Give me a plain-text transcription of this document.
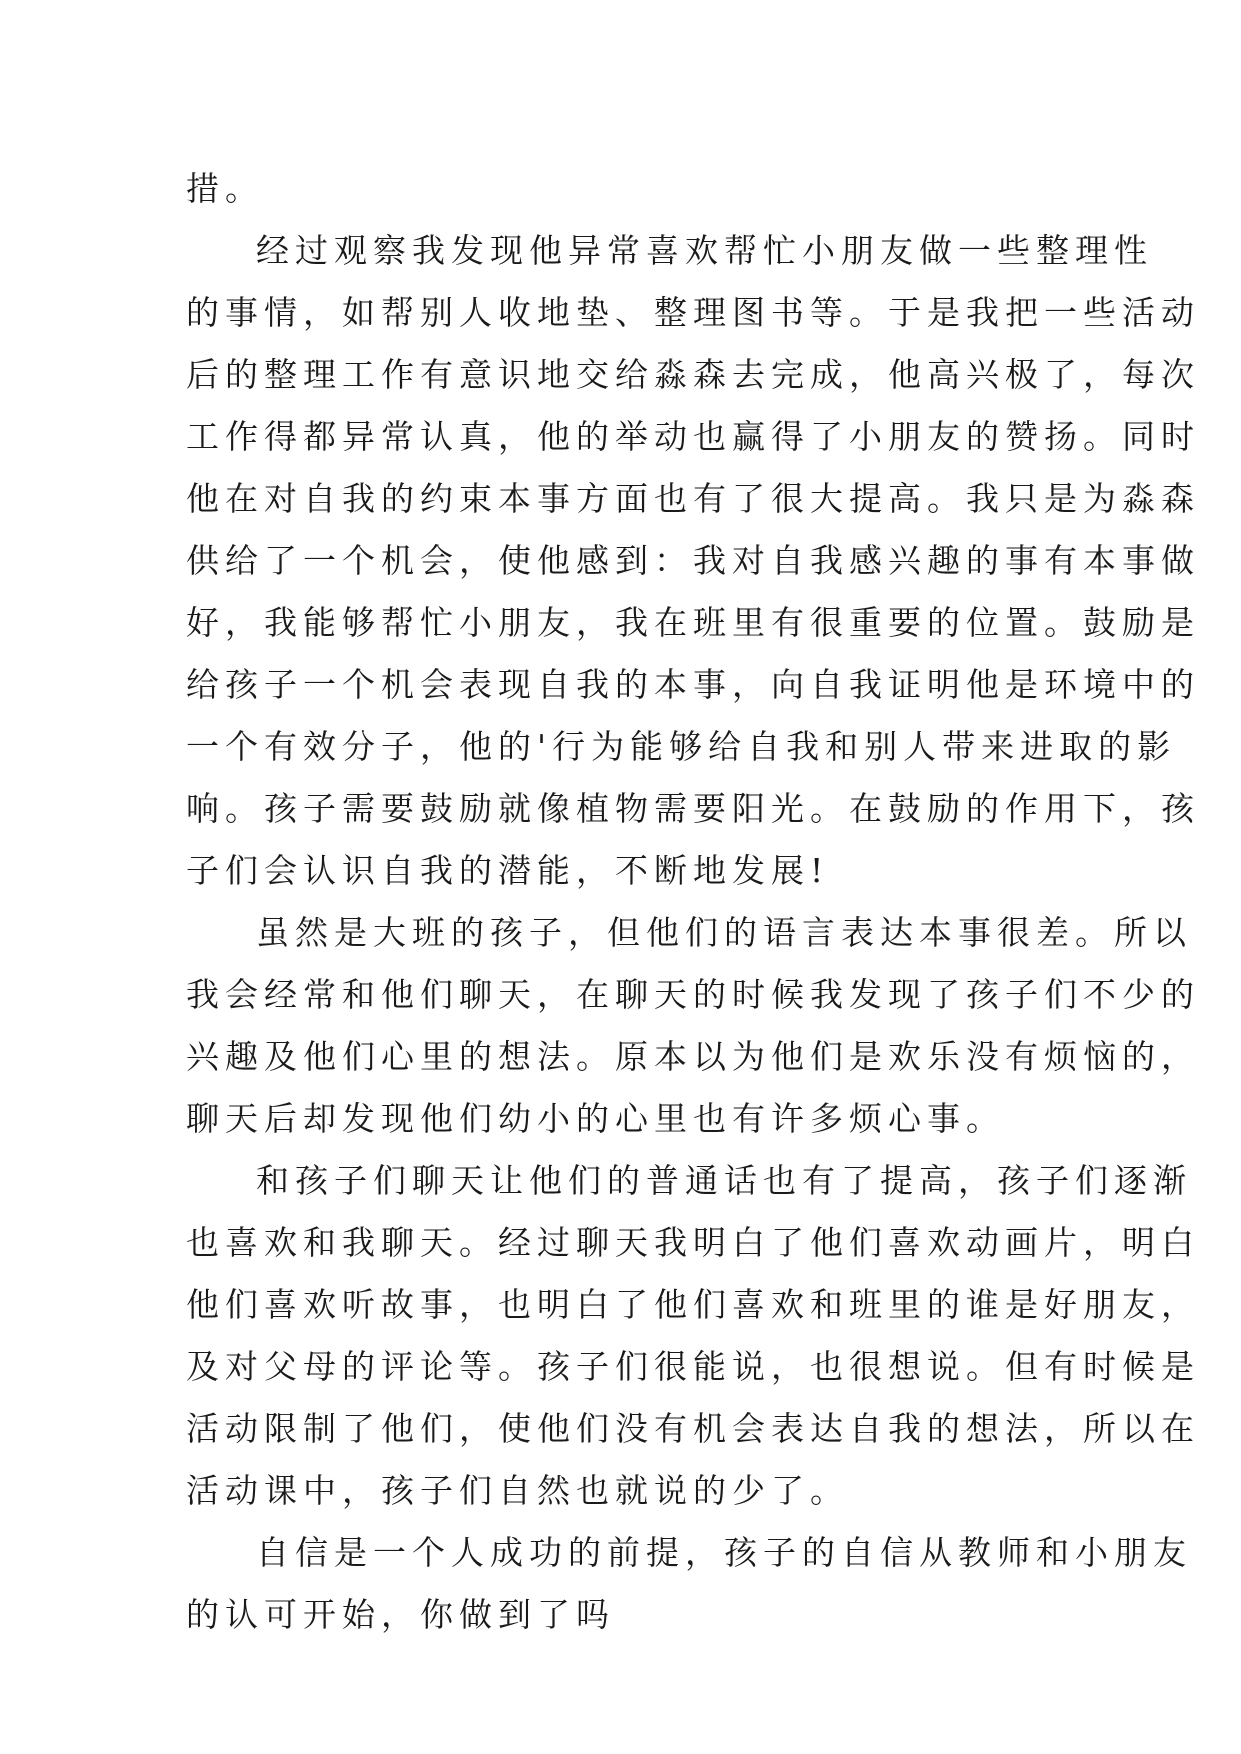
措。
经过观察我发现他异常喜欢帮忙小朋友做一些整理性
的事情，如帮别人收地垫、整理图书等。于是我把一些活动
后的整理工作有意识地交给淼森去完成，他高兴极了，每次
工作得都异常认真，他的举动也赢得了小朋友的赞扬。同时
他在对自我的约束本事方面也有了很大提高。我只是为淼森
供给了一个机会，使他感到：我对自我感兴趣的事有本事做
好，我能够帮忙小朋友，我在班里有很重要的位置。鼓励是
给孩子一个机会表现自我的本事，向自我证明他是环境中的
一个有效分子，他的'行为能够给自我和别人带来进取的影
响。孩子需要鼓励就像植物需要阳光。在鼓励的作用下，孩
子们会认识自我的潜能，不断地发展!
虽然是大班的孩子，但他们的语言表达本事很差。所以
我会经常和他们聊天，在聊天的时候我发现了孩子们不少的
兴趣及他们心里的想法。原本以为他们是欢乐没有烦恼的，
聊天后却发现他们幼小的心里也有许多烦心事。
和孩子们聊天让他们的普通话也有了提高，孩子们逐渐
也喜欢和我聊天。经过聊天我明白了他们喜欢动画片，明白
他们喜欢听故事，也明白了他们喜欢和班里的谁是好朋友，
及对父母的评论等。孩子们很能说，也很想说。但有时候是
活动限制了他们，使他们没有机会表达自我的想法，所以在
活动课中，孩子们自然也就说的少了。
自信是一个人成功的前提，孩子的自信从教师和小朋友
的认可开始，你做到了吗
